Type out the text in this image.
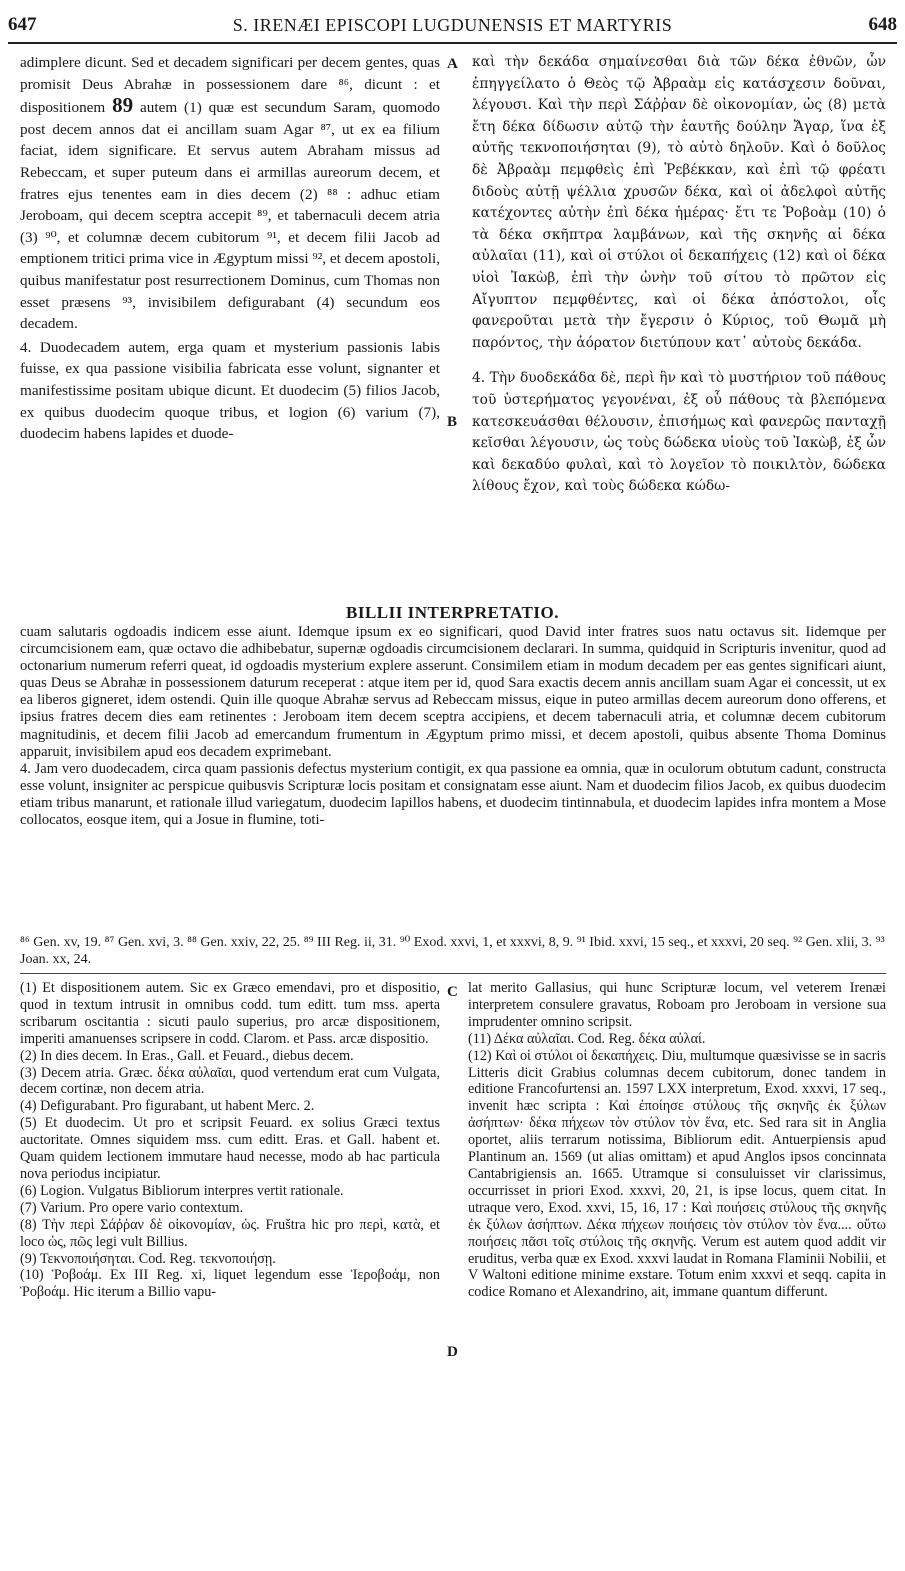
647	S. IRENÆI EPISCOPI LUGDUNENSIS ET MARTYRIS	648

adimplere dicunt. Sed et decadem significari per decem gentes, quas promisit Deus Abrahæ in possessionem dare ⁸⁶, dicunt : et dispositionem 89 autem (1) quæ est secundum Saram, quomodo post decem annos dat ei ancillam suam Agar ⁸⁷, ut ex ea filium faciat, idem significare. Et servus autem Abraham missus ad Rebeccam, et super puteum dans ei armillas aureorum decem, et fratres ejus tenentes eam in dies decem (2) ⁸⁸ : adhuc etiam Jeroboam, qui decem sceptra accepit ⁸⁹, et tabernaculi decem atria (3) ⁹⁰, et columnæ decem cubitorum ⁹¹, et decem filii Jacob ad emptionem tritici prima vice in Ægyptum missi ⁹², et decem apostoli, quibus manifestatur post resurrectionem Dominus, cum Thomas non esset præsens ⁹³, invisibilem defigurabant (4) secundum eos decadem.

4. Duodecadem autem, erga quam et mysterium passionis labis fuisse, ex qua passione visibilia fabricata esse volunt, signanter et manifestissime positam ubique dicunt. Et duodecim (5) filios Jacob, ex quibus duodecim quoque tribus, et logion (6) varium (7), duodecim habens lapides et duode-

A
B

καὶ τὴν δεκάδα σημαίνεσθαι διὰ τῶν δέκα ἐθνῶν, ὧν ἐπηγγείλατο ὁ Θεὸς τῷ Ἀβραὰμ εἰς κατάσχεσιν δοῦναι, λέγουσι. Καὶ τὴν περὶ Σάῤῥαν δὲ οἰκονομίαν, ὡς (8) μετὰ ἔτη δέκα δίδωσιν αὐτῷ τὴν ἑαυτῆς δούλην Ἄγαρ, ἵνα ἐξ αὐτῆς τεκνοποιήσηται (9), τὸ αὐτὸ δηλοῦν. Καὶ ὁ δοῦλος δὲ Ἀβραὰμ πεμφθεὶς ἐπὶ Ῥεβέκκαν, καὶ ἐπὶ τῷ φρέατι διδοὺς αὐτῇ ψέλλια χρυσῶν δέκα, καὶ οἱ ἀδελφοὶ αὐτῆς κατέχοντες αὐτὴν ἐπὶ δέκα ἡμέρας· ἔτι τε Ῥοβοὰμ (10) ὁ τὰ δέκα σκῆπτρα λαμβάνων, καὶ τῆς σκηνῆς αἱ δέκα αὐλαῖαι (11), καὶ οἱ στύλοι οἱ δεκαπήχεις (12) καὶ οἱ δέκα υἱοὶ Ἰακὼβ, ἐπὶ τὴν ὠνὴν τοῦ σίτου τὸ πρῶτον εἰς Αἴγυπτον πεμφθέντες, καὶ οἱ δέκα ἀπόστολοι, οἷς φανεροῦται μετὰ τὴν ἔγερσιν ὁ Κύριος, τοῦ Θωμᾶ μὴ παρόντος, τὴν ἀόρατον διετύπουν κατ᾽ αὐτοὺς δεκάδα.

4. Τὴν δυοδεκάδα δὲ, περὶ ἣν καὶ τὸ μυστήριον τοῦ πάθους τοῦ ὑστερήματος γεγονέναι, ἐξ οὗ πάθους τὰ βλεπόμενα κατεσκευάσθαι θέλουσιν, ἐπισήμως καὶ φανερῶς πανταχῇ κεῖσθαι λέγουσιν, ὡς τοὺς δώδεκα υἱοὺς τοῦ Ἰακὼβ, ἐξ ὧν καὶ δεκαδύο φυλαὶ, καὶ τὸ λογεῖον τὸ ποικιλτὸν, δώδεκα λίθους ἔχον, καὶ τοὺς δώδεκα κώδω-

BILLII INTERPRETATIO.

cuam salutaris ogdoadis indicem esse aiunt. Idemque ipsum ex eo significari, quod David inter fratres suos natu octavus sit. Iidemque per circumcisionem eam, quæ octavo die adhibebatur, supernæ ogdoadis circumcisionem declarari. In summa, quidquid in Scripturis invenitur, quod ad octonarium numerum referri queat, id ogdoadis mysterium explere asserunt. Consimilem etiam in modum decadem per eas gentes significari aiunt, quas Deus se Abrahæ in possessionem daturum receperat : atque item per id, quod Sara exactis decem annis ancillam suam Agar ei concessit, ut ex ea liberos gigneret, idem ostendi. Quin ille quoque Abrahæ servus ad Rebeccam missus, eique in puteo armillas decem aureorum dono offerens, et ipsius fratres decem dies eam retinentes : Jeroboam item decem sceptra accipiens, et decem tabernaculi atria, et columnæ decem cubitorum magnitudinis, et decem filii Jacob ad emercandum frumentum in Ægyptum primo missi, et decem apostoli, quibus absente Thoma Dominus apparuit, invisibilem apud eos decadem exprimebant.

4. Jam vero duodecadem, circa quam passionis defectus mysterium contigit, ex qua passione ea omnia, quæ in oculorum obtutum cadunt, constructa esse volunt, insigniter ac perspicue quibusvis Scripturæ locis positam et consignatam esse aiunt. Nam et duodecim filios Jacob, ex quibus duodecim etiam tribus manarunt, et rationale illud variegatum, duodecim lapillos habens, et duodecim tintinnabula, et duodecim lapides infra montem a Mose collocatos, eosque item, qui a Josue in flumine, toti-

⁸⁶ Gen. xv, 19. ⁸⁷ Gen. xvi, 3. ⁸⁸ Gen. xxiv, 22, 25. ⁸⁹ III Reg. ii, 31. ⁹⁰ Exod. xxvi, 1, et xxxvi, 8, 9. ⁹¹ Ibid. xxvi, 15 seq., et xxxvi, 20 seq. ⁹² Gen. xlii, 3. ⁹³ Joan. xx, 24.

C
D

(1) Et dispositionem autem. Sic ex Græco emendavi, pro et dispositio, quod in textum intrusit in omnibus codd. tum editt. tum mss. aperta scribarum oscitantia : sicuti paulo superius, pro arcæ dispositionem, imperiti amanuenses scripsere in codd. Clarom. et Pass. arcæ dispositio.

(2) In dies decem. In Eras., Gall. et Feuard., diebus decem.

(3) Decem atria. Græc. δέκα αὐλαῖαι, quod vertendum erat cum Vulgata, decem cortinæ, non decem atria.

(4) Defigurabant. Pro figurabant, ut habent Merc. 2.

(5) Et duodecim. Ut pro et scripsit Feuard. ex solius Græci textus auctoritate. Omnes siquidem mss. cum editt. Eras. et Gall. habent et. Quam quidem lectionem immutare haud necesse, modo ab hac particula nova periodus incipiatur.

(6) Logion. Vulgatus Bibliorum interpres vertit rationale.

(7) Varium. Pro opere vario contextum.

(8) Τὴν περὶ Σάῤῥαν δὲ οἰκονομίαν, ὡς. Fruštra hic pro περὶ, κατὰ, et loco ὡς, πῶς legi vult Billius.

(9) Τεκνοποιήσηται. Cod. Reg. τεκνοποιήσῃ.

(10) Ῥοβοάμ. Ex III Reg. xi, liquet legendum esse Ἰεροβοάμ, non Ῥοβοάμ. Hic iterum a Billio vapu-

lat merito Gallasius, qui hunc Scripturæ locum, vel veterem Irenæi interpretem consulere gravatus, Roboam pro Jeroboam in versione sua imprudenter omnino scripsit.

(11) Δέκα αὐλαῖαι. Cod. Reg. δέκα αὐλαί.

(12) Καὶ οἱ στύλοι οἱ δεκαπήχεις. Diu, multumque quæsivisse se in sacris Litteris dicit Grabius columnas decem cubitorum, donec tandem in editione Francofurtensi an. 1597 LXX interpretum, Exod. xxxvi, 17 seq., invenit hæc scripta : Καὶ ἐποίησε στύλους τῆς σκηνῆς ἐκ ξύλων ἀσήπτων· δέκα πήχεων τὸν στύλον τὸν ἕνα, etc. Sed rara sit in Anglia oportet, aliis terrarum notissima, Bibliorum edit. Antuerpiensis apud Plantinum an. 1569 (ut alias omittam) et apud Anglos ipsos concinnata Cantabrigiensis an. 1665. Utramque si consuluisset vir clarissimus, occurrisset in priori Exod. xxxvi, 20, 21, is ipse locus, quem citat. In utraque vero, Exod. xxvi, 15, 16, 17 : Καὶ ποιήσεις στύλους τῆς σκηνῆς ἐκ ξύλων ἀσήπτων. Δέκα πήχεων ποιήσεις τὸν στύλον τὸν ἕνα.... οὕτω ποιήσεις πᾶσι τοῖς στύλοις τῆς σκηνῆς. Verum est autem quod addit vir eruditus, verba quæ ex Exod. xxxvi laudat in Romana Flaminii Nobilii, et V Waltoni editione minime exstare. Totum enim xxxvi et seqq. capita in codice Romano et Alexandrino, ait, immane quantum differunt.
